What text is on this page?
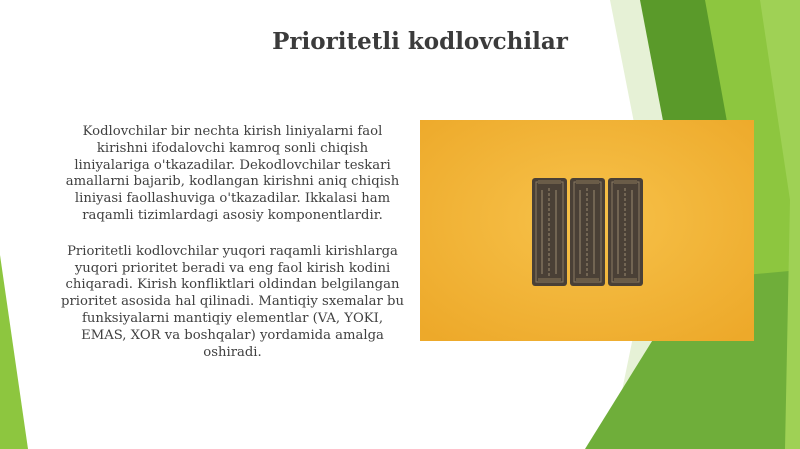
Prioritetli kodlovchilar

Kodlovchilar bir nechta kirish liniyalarni faol kirishni ifodalovchi kamroq sonli chiqish liniyalariga o'tkazadilar. Dekodlovchilar teskari amallarni bajarib, kodlangan kirishni aniq chiqish liniyasi faollashuviga o'tkazadilar. Ikkalasi ham raqamli tizimlardagi asosiy komponentlardir.

Prioritetli kodlovchilar yuqori raqamli kirishlarga yuqori prioritet beradi va eng faol kirish kodini chiqaradi. Kirish konfliktlari oldindan belgilangan prioritet asosida hal qilinadi. Mantiqiy sxemalar bu funksiyalarni mantiqiy elementlar (VA, YOKI, EMAS, XOR va boshqalar) yordamida amalga oshiradi.
